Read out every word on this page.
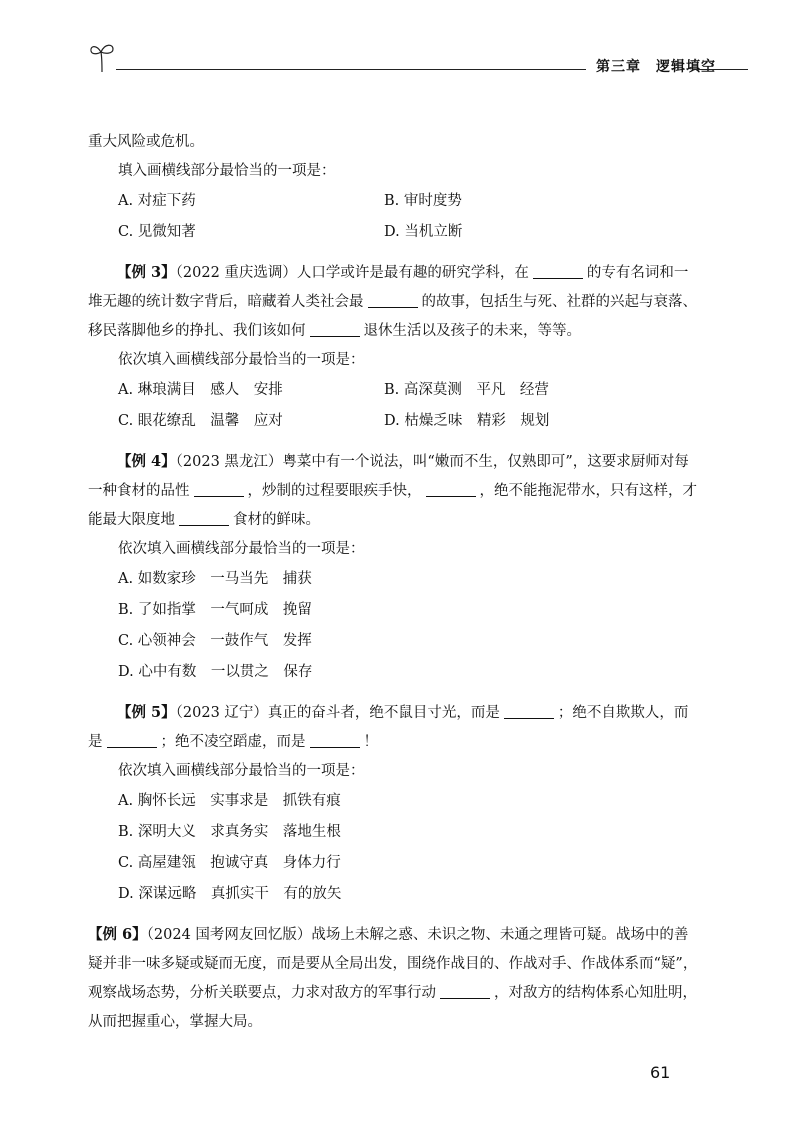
第三章　逻辑填空

重大风险或危机。

填入画横线部分最恰当的一项是：
A. 对症下药	B. 审时度势
C. 见微知著	D. 当机立断

【例 3】（2022 重庆选调）人口学或许是最有趣的研究学科，在	的专有名词和一堆无趣的统计数字背后，暗藏着人类社会最	的故事，包括生与死、社群的兴起与衰落、移民落脚他乡的挣扎、我们该如何	退休生活以及孩子的未来，等等。

依次填入画横线部分最恰当的一项是：
A. 琳琅满目　感人　安排	B. 高深莫测　平凡　经营
C. 眼花缭乱　温馨　应对	D. 枯燥乏味　精彩　规划

【例 4】（2023 黑龙江）粤菜中有一个说法，叫“嫩而不生，仅熟即可”，这要求厨师对每一种食材的品性	，炒制的过程要眼疾手快，	，绝不能拖泥带水，只有这样，才能最大限度地	食材的鲜味。

依次填入画横线部分最恰当的一项是：
A. 如数家珍　一马当先　捕获
B. 了如指掌　一气呵成　挽留
C. 心领神会　一鼓作气　发挥
D. 心中有数　一以贯之　保存

【例 5】（2023 辽宁）真正的奋斗者，绝不鼠目寸光，而是	；绝不自欺欺人，而是	；绝不凌空蹈虚，而是	！

依次填入画横线部分最恰当的一项是：
A. 胸怀长远　实事求是　抓铁有痕
B. 深明大义　求真务实　落地生根
C. 高屋建瓴　抱诚守真　身体力行
D. 深谋远略　真抓实干　有的放矢

【例 6】（2024 国考网友回忆版）战场上未解之惑、未识之物、未通之理皆可疑。战场中的善疑并非一味多疑或疑而无度，而是要从全局出发，围绕作战目的、作战对手、作战体系而“疑”，观察战场态势，分析关联要点，力求对敌方的军事行动	，对敌方的结构体系心知肚明，从而把握重心，掌握大局。

61
